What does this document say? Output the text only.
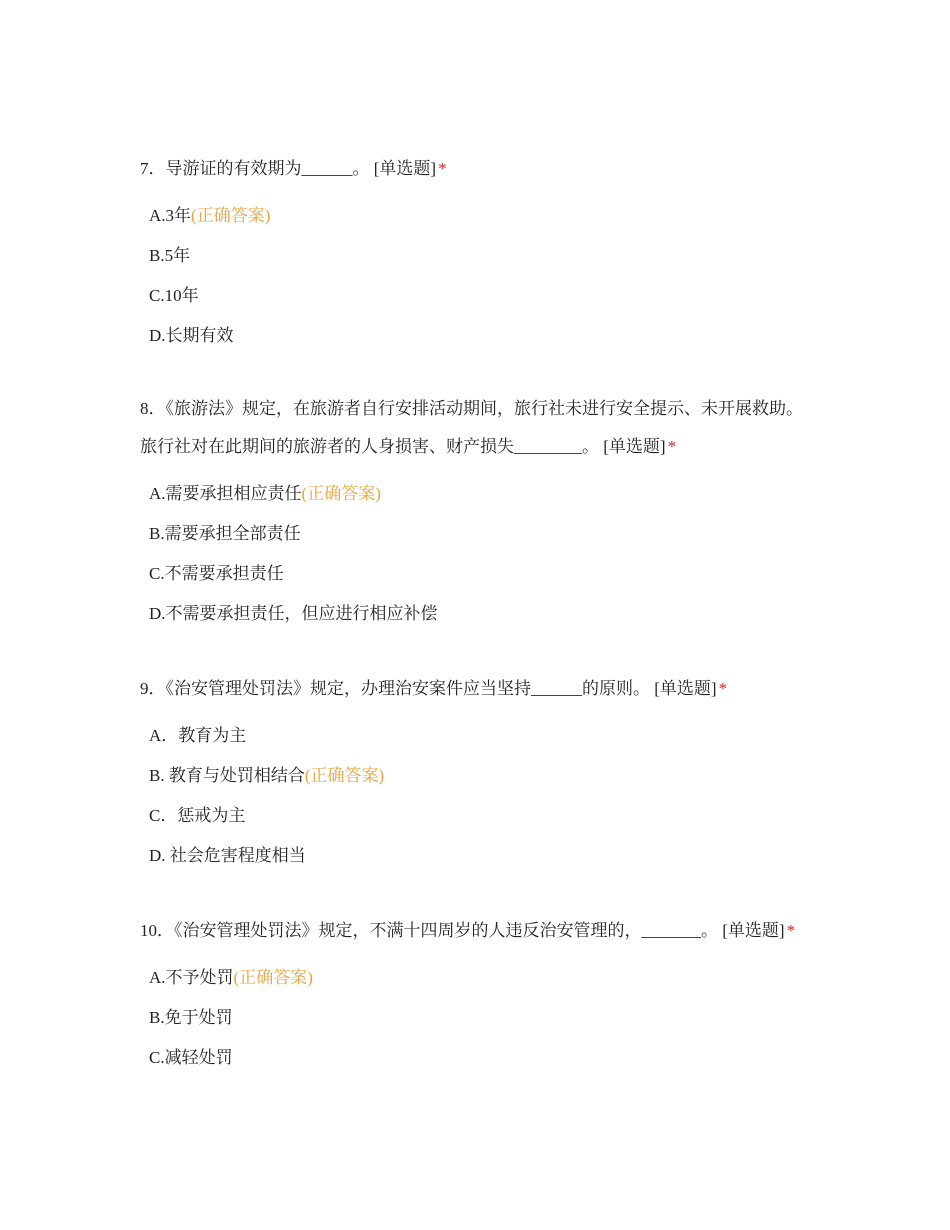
7．导游证的有效期为______。 [单选题] *

A.3年(正确答案)
B.5年
C.10年
D.长期有效

8．《旅游法》规定，在旅游者自行安排活动期间，旅行社未进行安全提示、未开展救助。旅行社对在此期间的旅游者的人身损害、财产损失________。 [单选题] *

A.需要承担相应责任(正确答案)
B.需要承担全部责任
C.不需要承担责任
D.不需要承担责任，但应进行相应补偿

9．《治安管理处罚法》规定，办理治安案件应当坚持______的原则。 [单选题] *

A．教育为主
B. 教育与处罚相结合(正确答案)
C．惩戒为主
D. 社会危害程度相当

10．《治安管理处罚法》规定，不满十四周岁的人违反治安管理的，_______。 [单选题] *

A.不予处罚(正确答案)
B.免于处罚
C.减轻处罚
